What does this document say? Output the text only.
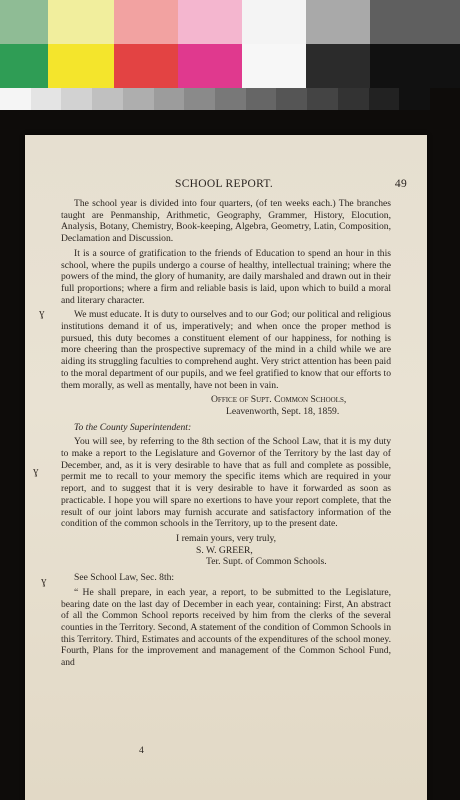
SCHOOL REPORT.	49

The school year is divided into four quarters, (of ten weeks each.) The branches taught are Penmanship, Arithmetic, Geography, Grammer, History, Elocution, Analysis, Botany, Chemistry, Book-keeping, Algebra, Geometry, Latin, Composition, Declamation and Discussion.

It is a source of gratification to the friends of Education to spend an hour in this school, where the pupils undergo a course of healthy, intellectual training; where the powers of the mind, the glory of humanity, are daily marshaled and drawn out in their full proportions; where a firm and reliable basis is laid, upon which to build a moral and literary character.

We must educate. It is duty to ourselves and to our God; our political and religious institutions demand it of us, imperatively; and when once the proper method is pursued, this duty becomes a constituent element of our happiness, for nothing is more cheering than the prospective supremacy of the mind in a child while we are aiding its struggling faculties to comprehend aught. Very strict attention has been paid to the moral department of our pupils, and we feel gratified to know that our efforts to them morally, as well as mentally, have not been in vain.

Office of Supt. Common Schools,
Leavenworth, Sept. 18, 1859.

To the County Superintendent:

You will see, by referring to the 8th section of the School Law, that it is my duty to make a report to the Legislature and Governor of the Territory by the last day of December, and, as it is very desirable to have that as full and complete as possible, permit me to recall to your memory the specific items which are required in your report, and to suggest that it is very desirable to have it forwarded as soon as practicable. I hope you will spare no exertions to have your report complete, that the result of our joint labors may furnish accurate and satisfactory information of the condition of the common schools in the Territory, up to the present date.

I remain yours, very truly,
S. W. GREER,
Ter. Supt. of Common Schools.

See School Law, Sec. 8th:

“ He shall prepare, in each year, a report, to be submitted to the Legislature, bearing date on the last day of December in each year, containing: First, An abstract of all the Common School reports received by him from the clerks of the several counties in the Territory. Second, A statement of the condition of Common Schools in this Territory. Third, Estimates and accounts of the expenditures of the school money. Fourth, Plans for the improvement and management of the Common School Fund, and

4
ɣ
ɣ
ɣ
